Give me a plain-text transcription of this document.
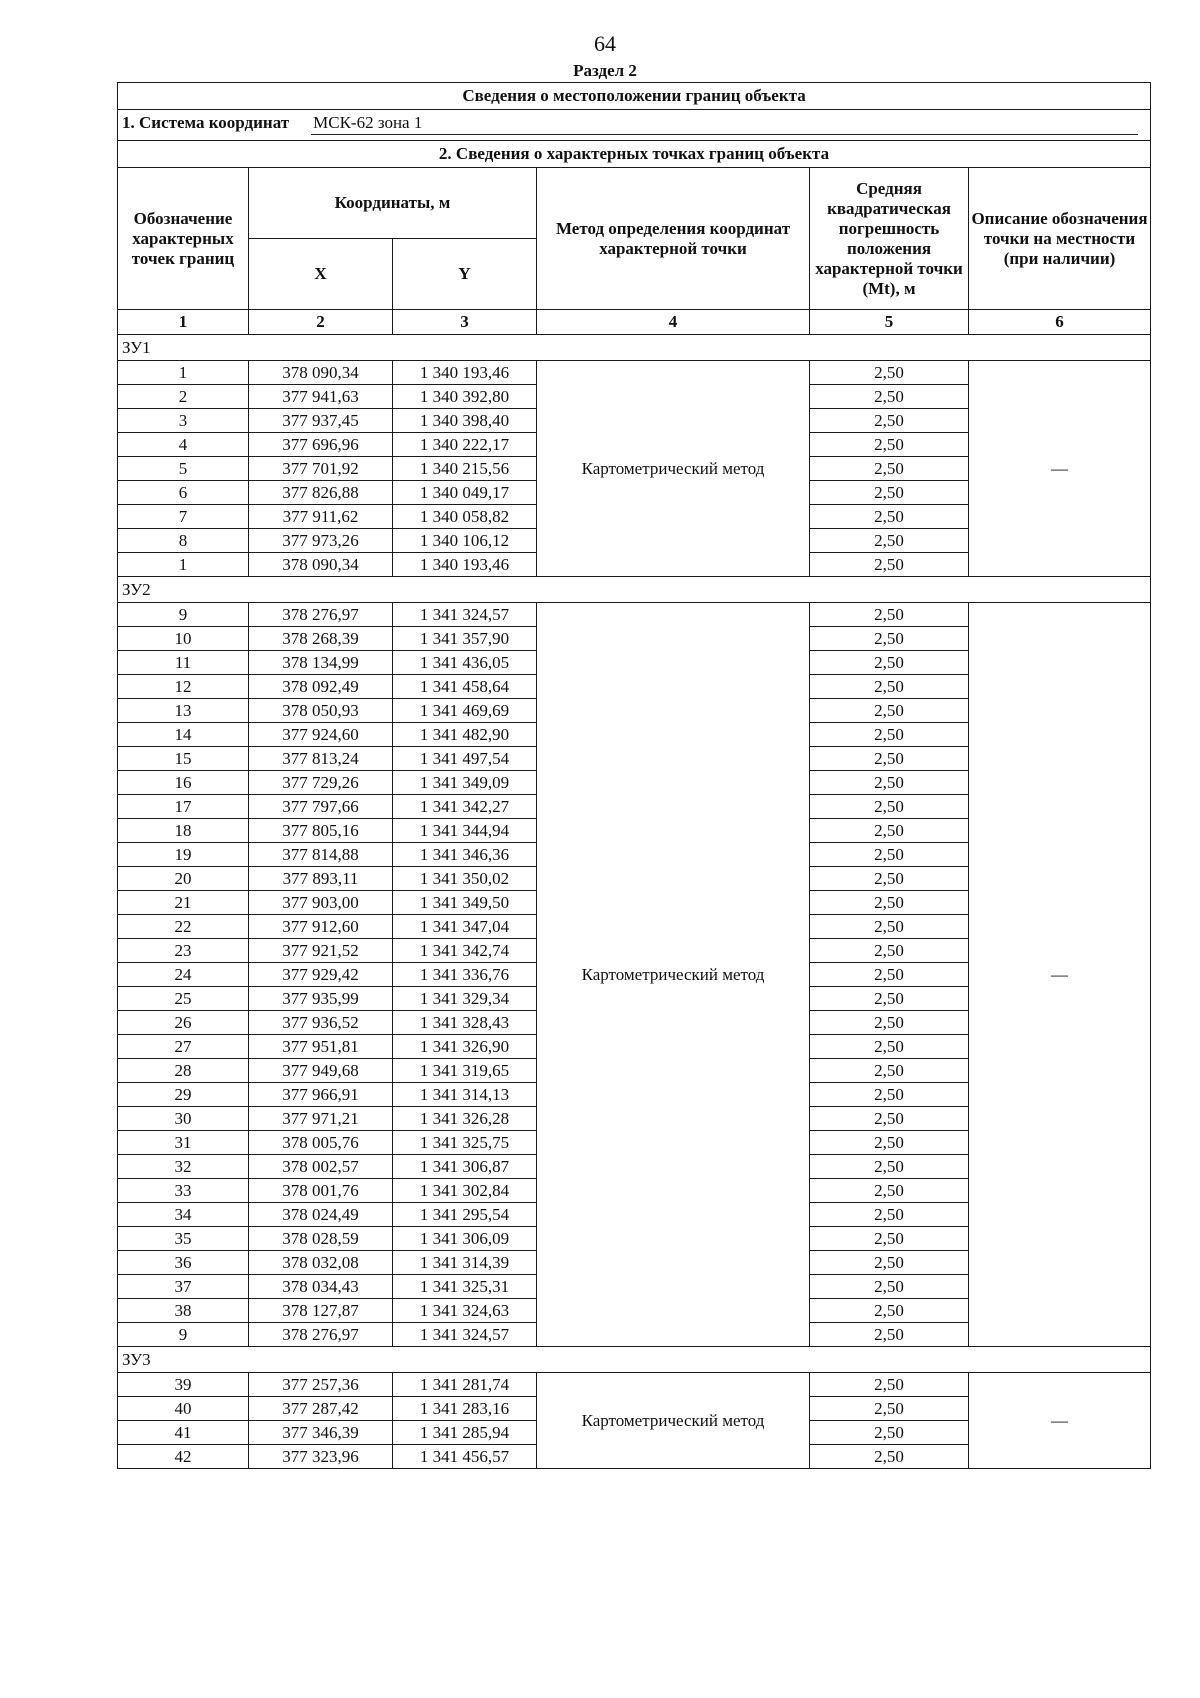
64
Раздел 2
Сведения о местоположении границ объекта					

1. Система координат МСК-62 зона 1					

2. Сведения о характерных точках границ объекта					
Обозначение характерных точек границ	Координаты, м		Метод определения координат характерной точки	Средняя квадратическая погрешность положения характерной точки (Mt), м	Описание обозначения точки на местности (при наличии)
	X	Y			
1	2	3	4	5	6
ЗУ1					
1	378 090,34	1 340 193,46	Картометрический метод	2,50	—
2	377 941,63	1 340 392,80		2,50	
3	377 937,45	1 340 398,40		2,50	
4	377 696,96	1 340 222,17		2,50	
5	377 701,92	1 340 215,56		2,50	
6	377 826,88	1 340 049,17		2,50	
7	377 911,62	1 340 058,82		2,50	
8	377 973,26	1 340 106,12		2,50	
1	378 090,34	1 340 193,46		2,50	
ЗУ2					
9	378 276,97	1 341 324,57	Картометрический метод	2,50	—
10	378 268,39	1 341 357,90		2,50	
11	378 134,99	1 341 436,05		2,50	
12	378 092,49	1 341 458,64		2,50	
13	378 050,93	1 341 469,69		2,50	
14	377 924,60	1 341 482,90		2,50	
15	377 813,24	1 341 497,54		2,50	
16	377 729,26	1 341 349,09		2,50	
17	377 797,66	1 341 342,27		2,50	
18	377 805,16	1 341 344,94		2,50	
19	377 814,88	1 341 346,36		2,50	
20	377 893,11	1 341 350,02		2,50	
21	377 903,00	1 341 349,50		2,50	
22	377 912,60	1 341 347,04		2,50	
23	377 921,52	1 341 342,74		2,50	
24	377 929,42	1 341 336,76		2,50	
25	377 935,99	1 341 329,34		2,50	
26	377 936,52	1 341 328,43		2,50	
27	377 951,81	1 341 326,90		2,50	
28	377 949,68	1 341 319,65		2,50	
29	377 966,91	1 341 314,13		2,50	
30	377 971,21	1 341 326,28		2,50	
31	378 005,76	1 341 325,75		2,50	
32	378 002,57	1 341 306,87		2,50	
33	378 001,76	1 341 302,84		2,50	
34	378 024,49	1 341 295,54		2,50	
35	378 028,59	1 341 306,09		2,50	
36	378 032,08	1 341 314,39		2,50	
37	378 034,43	1 341 325,31		2,50	
38	378 127,87	1 341 324,63		2,50	
9	378 276,97	1 341 324,57		2,50	
ЗУ3					
39	377 257,36	1 341 281,74	Картометрический метод	2,50	—
40	377 287,42	1 341 283,16		2,50	
41	377 346,39	1 341 285,94		2,50	
42	377 323,96	1 341 456,57		2,50	
